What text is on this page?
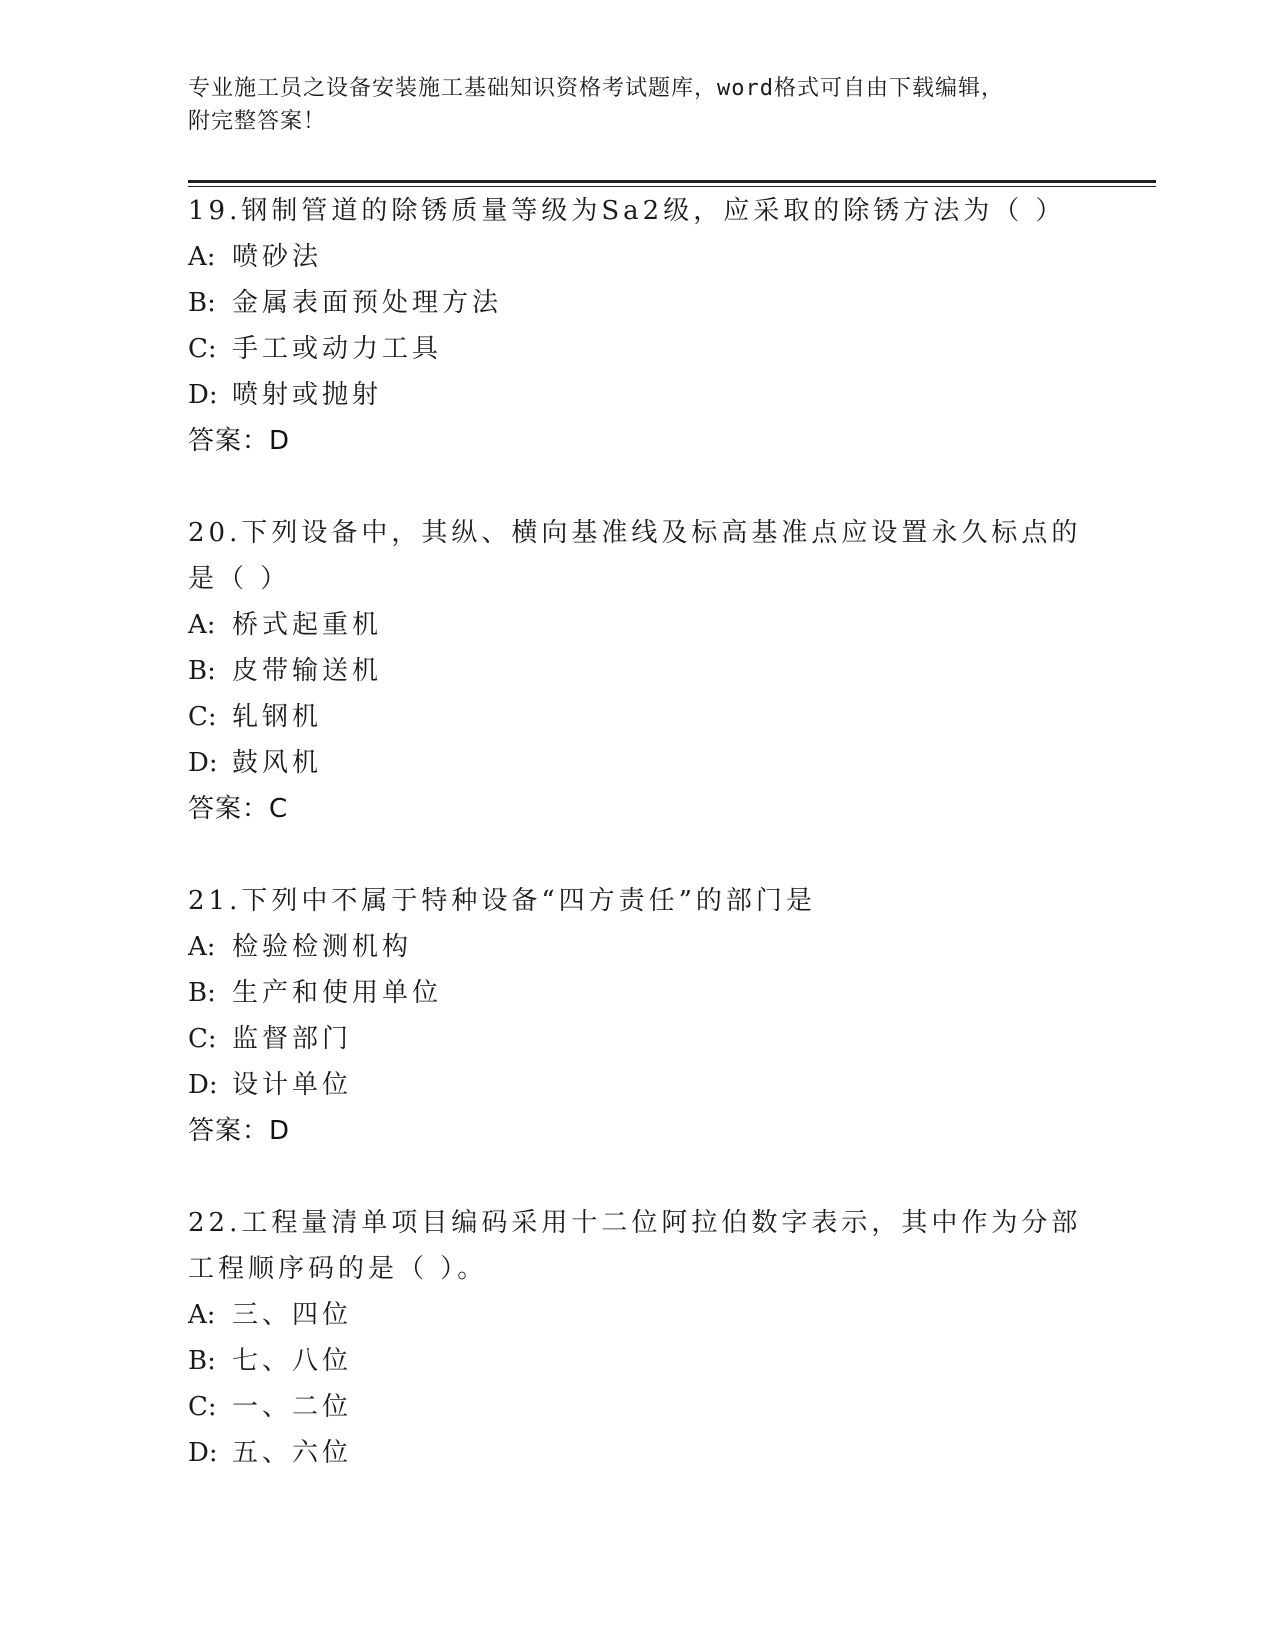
专业施工员之设备安装施工基础知识资格考试题库，word格式可自由下载编辑，
附完整答案！
19.钢制管道的除锈质量等级为Sa2级，应采取的除锈方法为（ ）
A: 喷砂法
B: 金属表面预处理方法
C: 手工或动力工具
D: 喷射或抛射
答案：D
20.下列设备中，其纵、横向基准线及标高基准点应设置永久标点的是（ ）
A: 桥式起重机
B: 皮带输送机
C: 轧钢机
D: 鼓风机
答案：C
21.下列中不属于特种设备“四方责任”的部门是
A: 检验检测机构
B: 生产和使用单位
C: 监督部门
D: 设计单位
答案：D
22.工程量清单项目编码采用十二位阿拉伯数字表示，其中作为分部工程顺序码的是（ ）。
A: 三、四位
B: 七、八位
C: 一、二位
D: 五、六位
